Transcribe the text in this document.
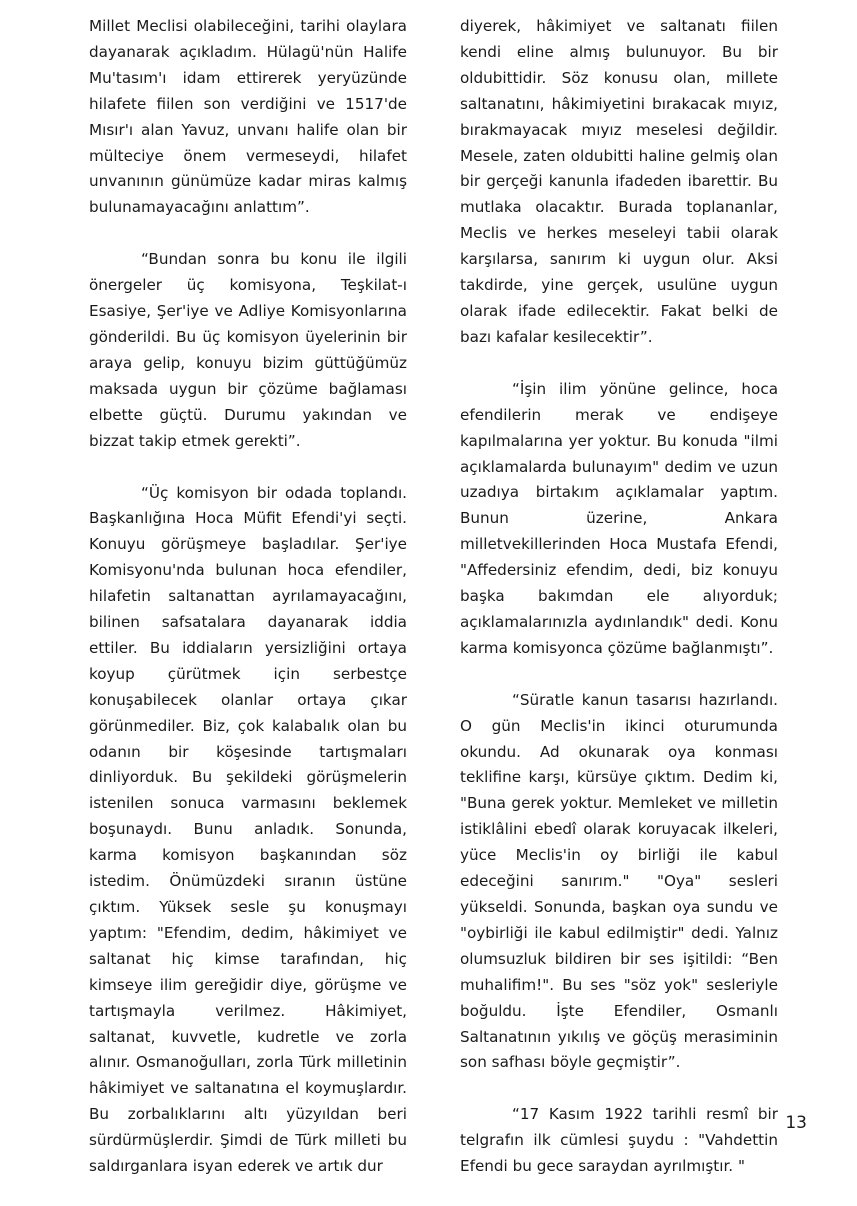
Millet Meclisi olabileceğini, tarihi olaylara dayanarak açıkladım. Hülagü'nün Halife Mu'tasım'ı idam ettirerek yeryüzünde hilafete fiilen son verdiğini ve 1517'de Mısır'ı alan Yavuz, unvanı halife olan bir mülteciye önem vermeseydi, hilafet unvanının günümüze kadar miras kalmış bulunamayacağını anlattım”.

“Bundan sonra bu konu ile ilgili önergeler üç komisyona, Teşkilat-ı Esasiye, Şer'iye ve Adliye Komisyonlarına gönderildi. Bu üç komisyon üyelerinin bir araya gelip, konuyu bizim güttüğümüz maksada uygun bir çözüme bağlaması elbette güçtü. Durumu yakından ve bizzat takip etmek gerekti”.

“Üç komisyon bir odada toplandı. Başkanlığına Hoca Müfit Efendi'yi seçti. Konuyu görüşmeye başladılar. Şer'iye Komisyonu'nda bulunan hoca efendiler, hilafetin saltanattan ayrılamayacağını, bilinen safsatalara dayanarak iddia ettiler. Bu iddiaların yersizliğini ortaya koyup çürütmek için serbestçe konuşabilecek olanlar ortaya çıkar görünmediler. Biz, çok kalabalık olan bu odanın bir köşesinde tartışmaları dinliyorduk. Bu şekildeki görüşmelerin istenilen sonuca varmasını beklemek boşunaydı. Bunu anladık. Sonunda, karma komisyon başkanından söz istedim. Önümüzdeki sıranın üstüne çıktım. Yüksek sesle şu konuşmayı yaptım: "Efendim, dedim, hâkimiyet ve saltanat hiç kimse tarafından, hiç kimseye ilim gereğidir diye, görüşme ve tartışmayla verilmez. Hâkimiyet, saltanat, kuvvetle, kudretle ve zorla alınır. Osmanoğulları, zorla Türk milletinin hâkimiyet ve saltanatına el koymuşlardır. Bu zorbalıklarını altı yüzyıldan beri sürdürmüşlerdir. Şimdi de Türk milleti bu saldırganlara isyan ederek ve artık dur

diyerek, hâkimiyet ve saltanatı fiilen kendi eline almış bulunuyor. Bu bir oldubittidir. Söz konusu olan, millete saltanatını, hâkimiyetini bırakacak mıyız, bırakmayacak mıyız meselesi değildir. Mesele, zaten oldubitti haline gelmiş olan bir gerçeği kanunla ifadeden ibarettir. Bu mutlaka olacaktır. Burada toplananlar, Meclis ve herkes meseleyi tabii olarak karşılarsa, sanırım ki uygun olur. Aksi takdirde, yine gerçek, usulüne uygun olarak ifade edilecektir. Fakat belki de bazı kafalar kesilecektir”.

“İşin ilim yönüne gelince, hoca efendilerin merak ve endişeye kapılmalarına yer yoktur. Bu konuda "ilmi açıklamalarda bulunayım" dedim ve uzun uzadıya birtakım açıklamalar yaptım. Bunun üzerine, Ankara milletvekillerinden Hoca Mustafa Efendi, "Affedersiniz efendim, dedi, biz konuyu başka bakımdan ele alıyorduk; açıklamalarınızla aydınlandık" dedi. Konu karma komisyonca çözüme bağlanmıştı”.

“Süratle kanun tasarısı hazırlandı. O gün Meclis'in ikinci oturumunda okundu. Ad okunarak oya konması teklifine karşı, kürsüye çıktım. Dedim ki, "Buna gerek yoktur. Memleket ve milletin istiklâlini ebedî olarak koruyacak ilkeleri, yüce Meclis'in oy birliği ile kabul edeceğini sanırım." "Oya" sesleri yükseldi. Sonunda, başkan oya sundu ve "oybirliği ile kabul edilmiştir" dedi. Yalnız olumsuzluk bildiren bir ses işitildi: “Ben muhalifim!". Bu ses "söz yok" sesleriyle boğuldu. İşte Efendiler, Osmanlı Saltanatının yıkılış ve göçüş merasiminin son safhası böyle geçmiştir”.

“17 Kasım 1922 tarihli resmî bir telgrafın ilk cümlesi şuydu : "Vahdettin Efendi bu gece saraydan ayrılmıştır. "

13
